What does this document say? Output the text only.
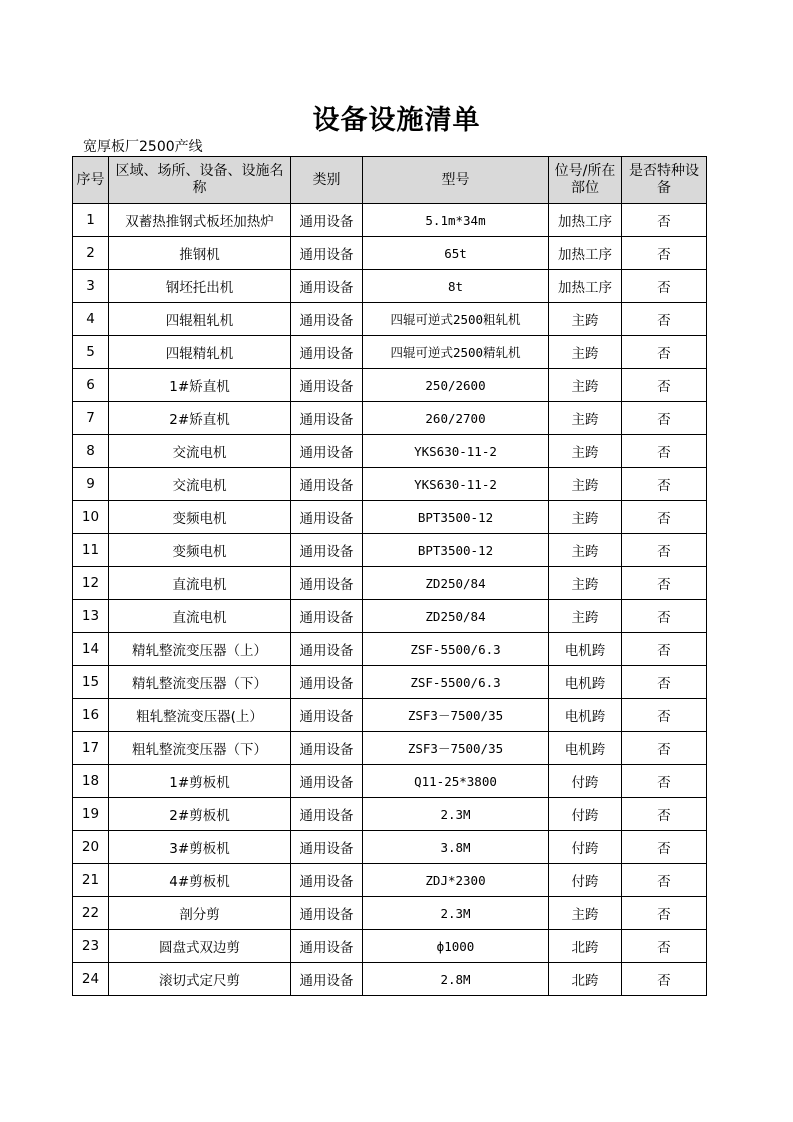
设备设施清单
宽厚板厂2500产线
序号	区域、场所、设备、设施名称	类别	型号	位号/所在部位	是否特种设备
1	双蓄热推钢式板坯加热炉	通用设备	5.1m*34m	加热工序	否
2	推钢机	通用设备	65t	加热工序	否
3	钢坯托出机	通用设备	8t	加热工序	否
4	四辊粗轧机	通用设备	四辊可逆式2500粗轧机	主跨	否
5	四辊精轧机	通用设备	四辊可逆式2500精轧机	主跨	否
6	1#矫直机	通用设备	250/2600	主跨	否
7	2#矫直机	通用设备	260/2700	主跨	否
8	交流电机	通用设备	YKS630-11-2	主跨	否
9	交流电机	通用设备	YKS630-11-2	主跨	否
10	变频电机	通用设备	BPT3500-12	主跨	否
11	变频电机	通用设备	BPT3500-12	主跨	否
12	直流电机	通用设备	ZD250/84	主跨	否
13	直流电机	通用设备	ZD250/84	主跨	否
14	精轧整流变压器（上）	通用设备	ZSF-5500/6.3	电机跨	否
15	精轧整流变压器（下）	通用设备	ZSF-5500/6.3	电机跨	否
16	粗轧整流变压器(上）	通用设备	ZSF3－7500/35	电机跨	否
17	粗轧整流变压器（下）	通用设备	ZSF3－7500/35	电机跨	否
18	1#剪板机	通用设备	Q11-25*3800	付跨	否
19	2#剪板机	通用设备	2.3M	付跨	否
20	3#剪板机	通用设备	3.8M	付跨	否
21	4#剪板机	通用设备	ZDJ*2300	付跨	否
22	剖分剪	通用设备	2.3M	主跨	否
23	圆盘式双边剪	通用设备	ф1000	北跨	否
24	滚切式定尺剪	通用设备	2.8M	北跨	否
